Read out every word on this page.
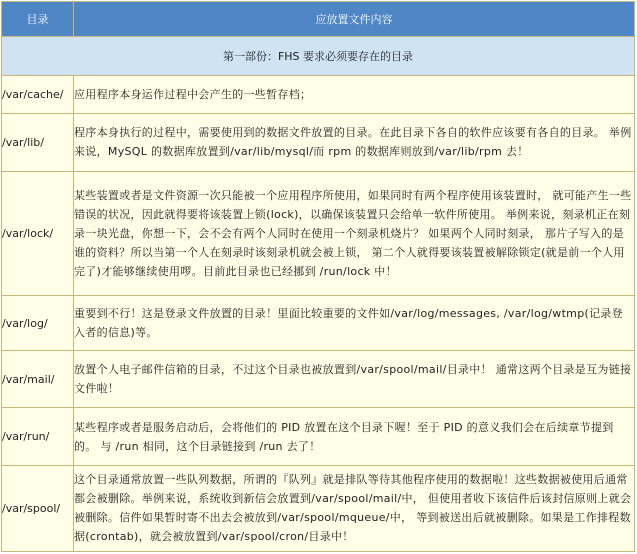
目录	应放置文件内容
第一部份：FHS 要求必须要存在的目录	
/var/cache/	应用程序本身运作过程中会产生的一些暂存档；
/var/lib/	程序本身执行的过程中，需要使用到的数据文件放置的目录。在此目录下各自的软件应该要有各自的目录。 举例来说，MySQL 的数据库放置到/var/lib/mysql/而 rpm 的数据库则放到/var/lib/rpm 去！
/var/lock/	某些装置或者是文件资源一次只能被一个应用程序所使用，如果同时有两个程序使用该装置时， 就可能产生一些错误的状况，因此就得要将该装置上锁(lock)，以确保该装置只会给单一软件所使用。 举例来说，刻录机正在刻录一块光盘，你想一下，会不会有两个人同时在使用一个刻录机烧片？ 如果两个人同时刻录， 那片子写入的是谁的资料？所以当第一个人在刻录时该刻录机就会被上锁， 第二个人就得要该装置被解除锁定(就是前一个人用完了)才能够继续使用啰。目前此目录也已经挪到 /run/lock 中！
/var/log/	重要到不行！这是登录文件放置的目录！里面比较重要的文件如/var/log/messages, /var/log/wtmp(记录登入者的信息)等。
/var/mail/	放置个人电子邮件信箱的目录，不过这个目录也被放置到/var/spool/mail/目录中！ 通常这两个目录是互为链接文件啦！
/var/run/	某些程序或者是服务启动后，会将他们的 PID 放置在这个目录下喔！至于 PID 的意义我们会在后续章节提到的。 与 /run 相同，这个目录链接到 /run 去了！
/var/spool/	这个目录通常放置一些队列数据，所谓的『队列』就是排队等待其他程序使用的数据啦！这些数据被使用后通常都会被删除。举例来说，系统收到新信会放置到/var/spool/mail/中， 但使用者收下该信件后该封信原则上就会被删除。信件如果暂时寄不出去会被放到/var/spool/mqueue/中， 等到被送出后就被删除。如果是工作排程数据(crontab)，就会被放置到/var/spool/cron/目录中！
